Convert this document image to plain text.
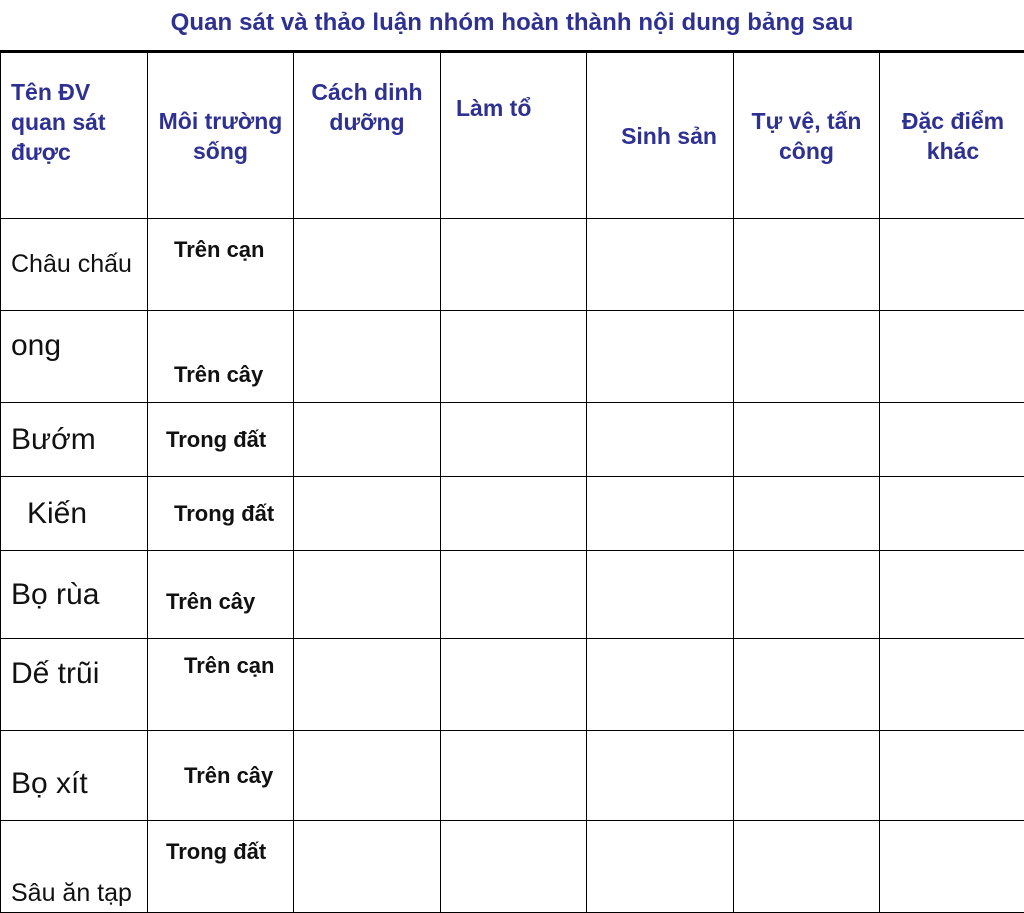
Quan sát và thảo luận nhóm hoàn thành nội dung bảng sau
Tên ĐV quan sát được	Môi trường sống	Cách dinh dưỡng	Làm tổ	Sinh sản	Tự vệ, tấn công	Đặc điểm khác
Châu chấu	Trên cạn					
ong	Trên cây					
Bướm	Trong đất					
Kiến	Trong đất					
Bọ rùa	Trên cây					
Dế trũi	Trên cạn					
Bọ xít	Trên cây					
Sâu ăn tạp	Trong đất					
